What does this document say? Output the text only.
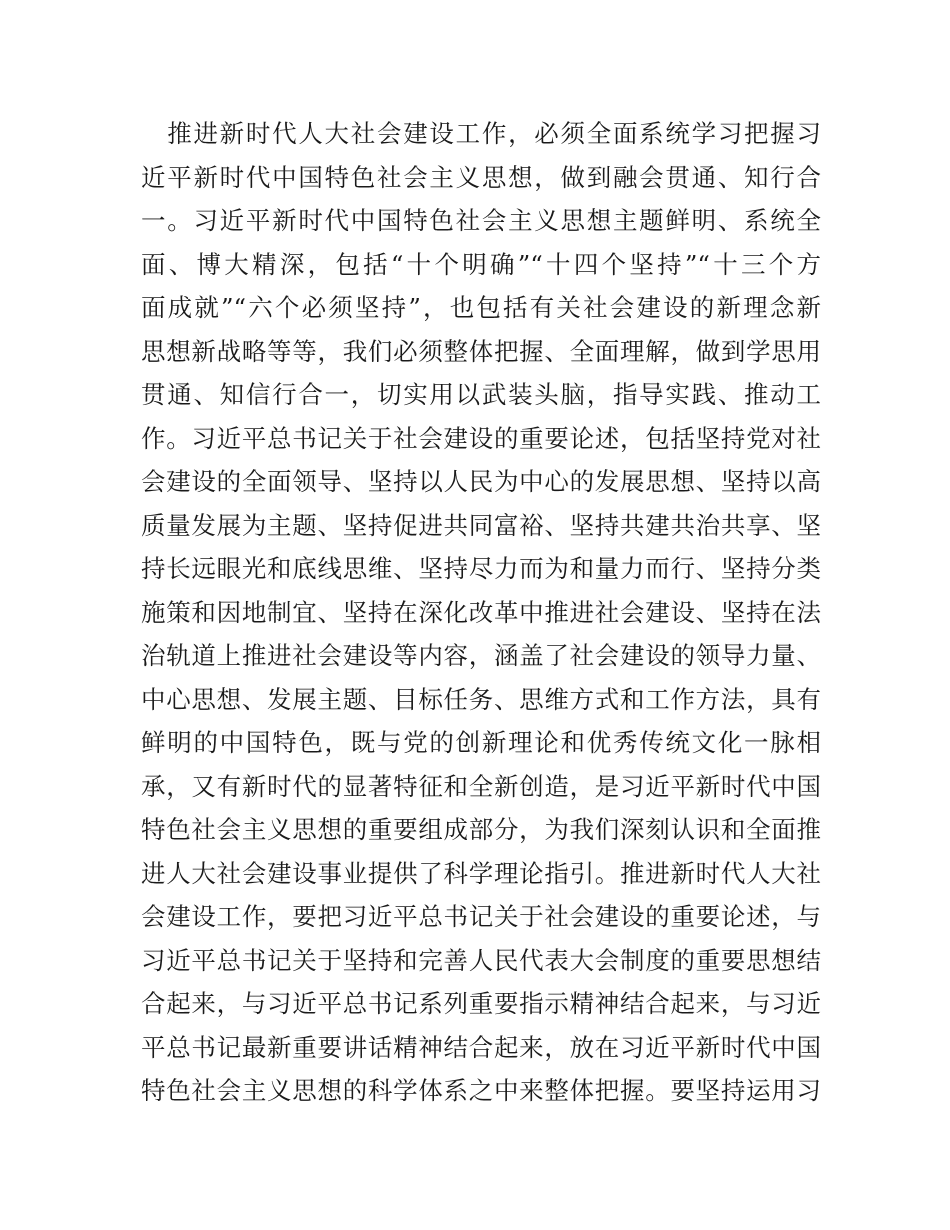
　推进新时代人大社会建设工作，必须全面系统学习把握习
近平新时代中国特色社会主义思想，做到融会贯通、知行合
一。习近平新时代中国特色社会主义思想主题鲜明、系统全
面、博大精深，包括“十个明确”“十四个坚持”“十三个方
面成就”“六个必须坚持”，也包括有关社会建设的新理念新
思想新战略等等，我们必须整体把握、全面理解，做到学思用
贯通、知信行合一，切实用以武装头脑，指导实践、推动工
作。习近平总书记关于社会建设的重要论述，包括坚持党对社
会建设的全面领导、坚持以人民为中心的发展思想、坚持以高
质量发展为主题、坚持促进共同富裕、坚持共建共治共享、坚
持长远眼光和底线思维、坚持尽力而为和量力而行、坚持分类
施策和因地制宜、坚持在深化改革中推进社会建设、坚持在法
治轨道上推进社会建设等内容，涵盖了社会建设的领导力量、
中心思想、发展主题、目标任务、思维方式和工作方法，具有
鲜明的中国特色，既与党的创新理论和优秀传统文化一脉相
承，又有新时代的显著特征和全新创造，是习近平新时代中国
特色社会主义思想的重要组成部分，为我们深刻认识和全面推
进人大社会建设事业提供了科学理论指引。推进新时代人大社
会建设工作，要把习近平总书记关于社会建设的重要论述，与
习近平总书记关于坚持和完善人民代表大会制度的重要思想结
合起来，与习近平总书记系列重要指示精神结合起来，与习近
平总书记最新重要讲话精神结合起来，放在习近平新时代中国
特色社会主义思想的科学体系之中来整体把握。要坚持运用习
